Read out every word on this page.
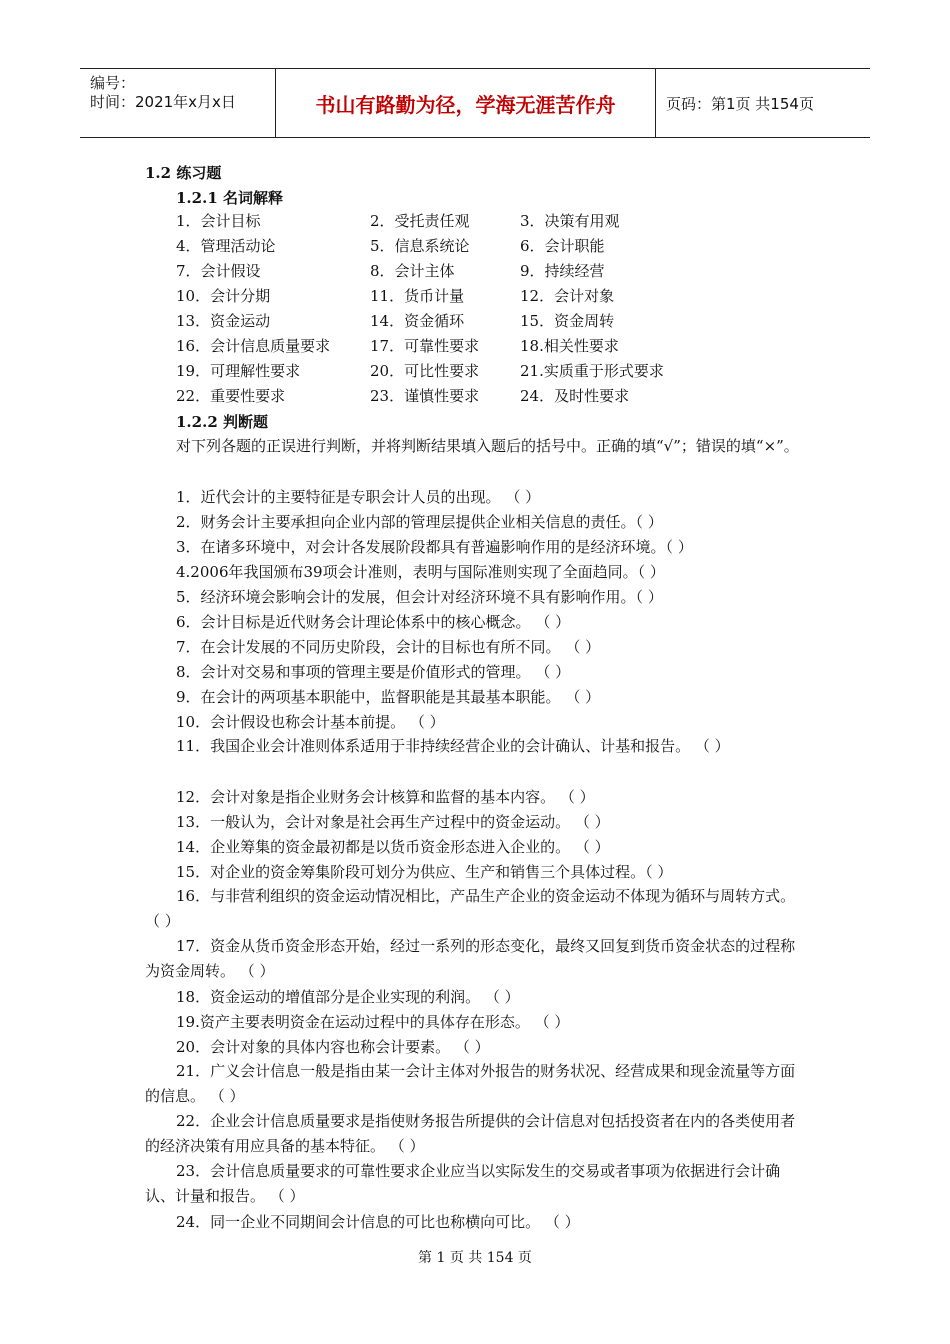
编号：
时间：2021年x月x日	书山有路勤为径，学海无涯苦作舟	页码：第1页 共154页
1.2 练习题
1.2.1 名词解释
1．会计目标	2．受托责任观	3．决策有用观
4．管理活动论	5．信息系统论	6．会计职能
7．会计假设	8．会计主体	9．持续经营
10．会计分期	11．货币计量	12．会计对象
13．资金运动	14．资金循环	15．资金周转
16．会计信息质量要求	17．可靠性要求	18.相关性要求
19．可理解性要求	20．可比性要求	21.实质重于形式要求
22．重要性要求	23．谨慎性要求	24．及时性要求
1.2.2 判断题
对下列各题的正误进行判断，并将判断结果填入题后的括号中。正确的填“√”；错误的填“×”。
1．近代会计的主要特征是专职会计人员的出现。 （ ）
2．财务会计主要承担向企业内部的管理层提供企业相关信息的责任。（ ）
3．在诸多环境中，对会计各发展阶段都具有普遍影响作用的是经济环境。（ ）
4.2006年我国颁布39项会计准则，表明与国际准则实现了全面趋同。（ ）
5．经济环境会影响会计的发展，但会计对经济环境不具有影响作用。（ ）
6．会计目标是近代财务会计理论体系中的核心概念。 （ ）
7．在会计发展的不同历史阶段，会计的目标也有所不同。 （ ）
8．会计对交易和事项的管理主要是价值形式的管理。 （ ）
9．在会计的两项基本职能中，监督职能是其最基本职能。 （ ）
10．会计假设也称会计基本前提。 （ ）
11．我国企业会计准则体系适用于非持续经营企业的会计确认、计基和报告。 （ ）
12．会计对象是指企业财务会计核算和监督的基本内容。 （ ）
13．一般认为，会计对象是社会再生产过程中的资金运动。 （ ）
14．企业筹集的资金最初都是以货币资金形态进入企业的。 （ ）
15．对企业的资金筹集阶段可划分为供应、生产和销售三个具体过程。（ ）
16．与非营利组织的资金运动情况相比，产品生产企业的资金运动不体现为循环与周转方式。 （ ）
17．资金从货币资金形态开始，经过一系列的形态变化，最终又回复到货币资金状态的过程称为资金周转。 （ ）
18．资金运动的增值部分是企业实现的利润。 （ ）
19.资产主要表明资金在运动过程中的具体存在形态。 （ ）
20．会计对象的具体内容也称会计要素。 （ ）
21．广义会计信息一般是指由某一会计主体对外报告的财务状况、经营成果和现金流量等方面的信息。 （ ）
22．企业会计信息质量要求是指使财务报告所提供的会计信息对包括投资者在内的各类使用者的经济决策有用应具备的基本特征。 （ ）
23．会计信息质量要求的可靠性要求企业应当以实际发生的交易或者事项为依据进行会计确认、计量和报告。 （ ）
24．同一企业不同期间会计信息的可比也称横向可比。 （ ）
第 1 页 共 154 页
